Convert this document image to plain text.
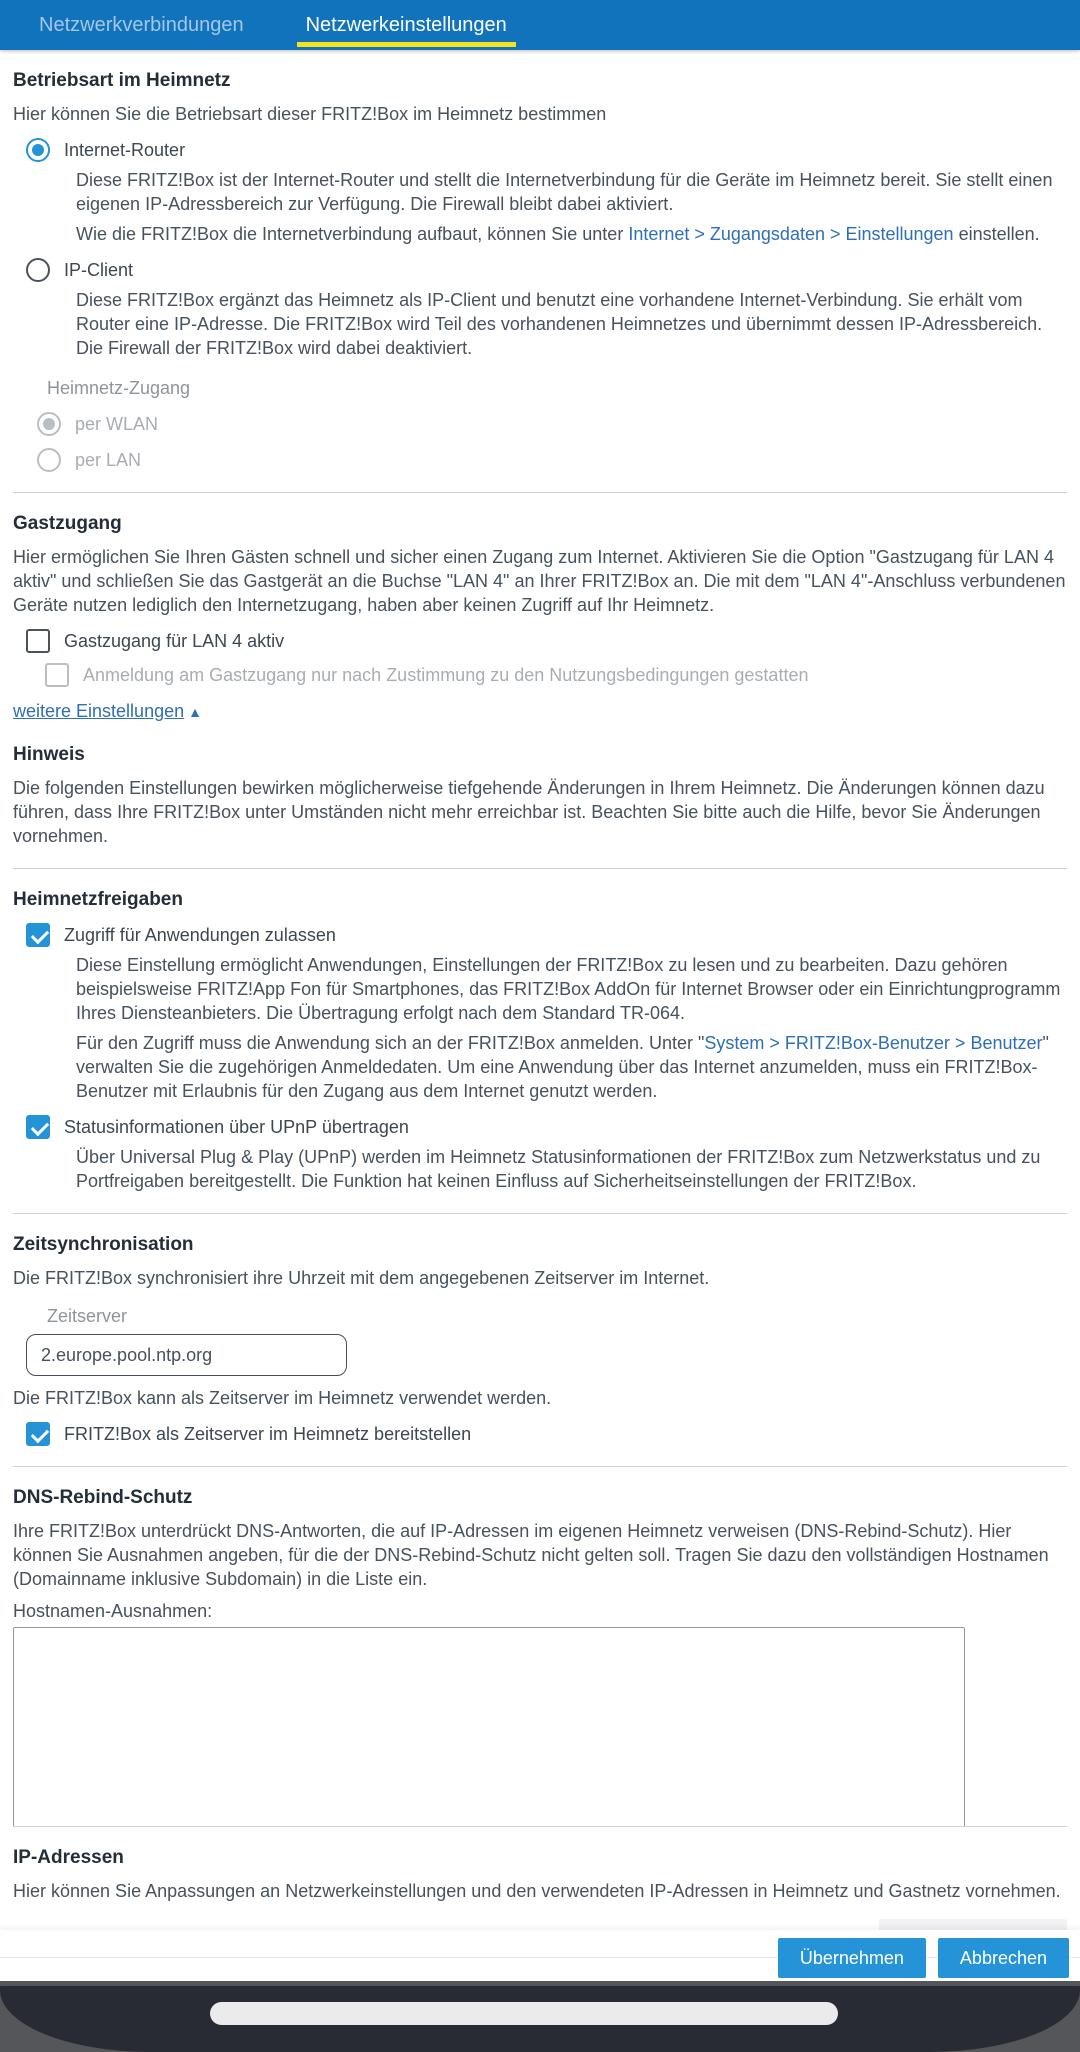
Netzwerkverbindungen	Netzwerkeinstellungen
Betriebsart im Heimnetz

Hier können Sie die Betriebsart dieser FRITZ!Box im Heimnetz bestimmen

Internet-Router

Diese FRITZ!Box ist der Internet-Router und stellt die Internetverbindung für die Geräte im Heimnetz bereit. Sie stellt einen eigenen IP-Adressbereich zur Verfügung. Die Firewall bleibt dabei aktiviert.

Wie die FRITZ!Box die Internetverbindung aufbaut, können Sie unter Internet > Zugangsdaten > Einstellungen einstellen.

IP-Client

Diese FRITZ!Box ergänzt das Heimnetz als IP-Client und benutzt eine vorhandene Internet-Verbindung. Sie erhält vom Router eine IP-Adresse. Die FRITZ!Box wird Teil des vorhandenen Heimnetzes und übernimmt dessen IP-Adressbereich. Die Firewall der FRITZ!Box wird dabei deaktiviert.

Heimnetz-Zugang
per WLAN
per LAN
Gastzugang

Hier ermöglichen Sie Ihren Gästen schnell und sicher einen Zugang zum Internet. Aktivieren Sie die Option "Gastzugang für LAN 4 aktiv" und schließen Sie das Gastgerät an die Buchse "LAN 4" an Ihrer FRITZ!Box an. Die mit dem "LAN 4"-Anschluss verbundenen Geräte nutzen lediglich den Internetzugang, haben aber keinen Zugriff auf Ihr Heimnetz.

Gastzugang für LAN 4 aktiv
Anmeldung am Gastzugang nur nach Zustimmung zu den Nutzungsbedingungen gestatten
weitere Einstellungen ▲
Hinweis

Die folgenden Einstellungen bewirken möglicherweise tiefgehende Änderungen in Ihrem Heimnetz. Die Änderungen können dazu führen, dass Ihre FRITZ!Box unter Umständen nicht mehr erreichbar ist. Beachten Sie bitte auch die Hilfe, bevor Sie Änderungen vornehmen.

Heimnetzfreigaben
Zugriff für Anwendungen zulassen

Diese Einstellung ermöglicht Anwendungen, Einstellungen der FRITZ!Box zu lesen und zu bearbeiten. Dazu gehören beispielsweise FRITZ!App Fon für Smartphones, das FRITZ!Box AddOn für Internet Browser oder ein Einrichtungprogramm Ihres Diensteanbieters. Die Übertragung erfolgt nach dem Standard TR-064.

Für den Zugriff muss die Anwendung sich an der FRITZ!Box anmelden. Unter "System > FRITZ!Box-Benutzer > Benutzer" verwalten Sie die zugehörigen Anmeldedaten. Um eine Anwendung über das Internet anzumelden, muss ein FRITZ!Box-Benutzer mit Erlaubnis für den Zugang aus dem Internet genutzt werden.

Statusinformationen über UPnP übertragen

Über Universal Plug & Play (UPnP) werden im Heimnetz Statusinformationen der FRITZ!Box zum Netzwerkstatus und zu Portfreigaben bereitgestellt. Die Funktion hat keinen Einfluss auf Sicherheitseinstellungen der FRITZ!Box.

Zeitsynchronisation

Die FRITZ!Box synchronisiert ihre Uhrzeit mit dem angegebenen Zeitserver im Internet.

Zeitserver
2.europe.pool.ntp.org

Die FRITZ!Box kann als Zeitserver im Heimnetz verwendet werden.

FRITZ!Box als Zeitserver im Heimnetz bereitstellen
DNS-Rebind-Schutz

Ihre FRITZ!Box unterdrückt DNS-Antworten, die auf IP-Adressen im eigenen Heimnetz verweisen (DNS-Rebind-Schutz). Hier können Sie Ausnahmen angeben, für die der DNS-Rebind-Schutz nicht gelten soll. Tragen Sie dazu den vollständigen Hostnamen (Domainname inklusive Subdomain) in die Liste ein.

Hostnamen-Ausnahmen:
IP-Adressen

Hier können Sie Anpassungen an Netzwerkeinstellungen und den verwendeten IP-Adressen in Heimnetz und Gastnetz vornehmen.

Übernehmen	Abbrechen
